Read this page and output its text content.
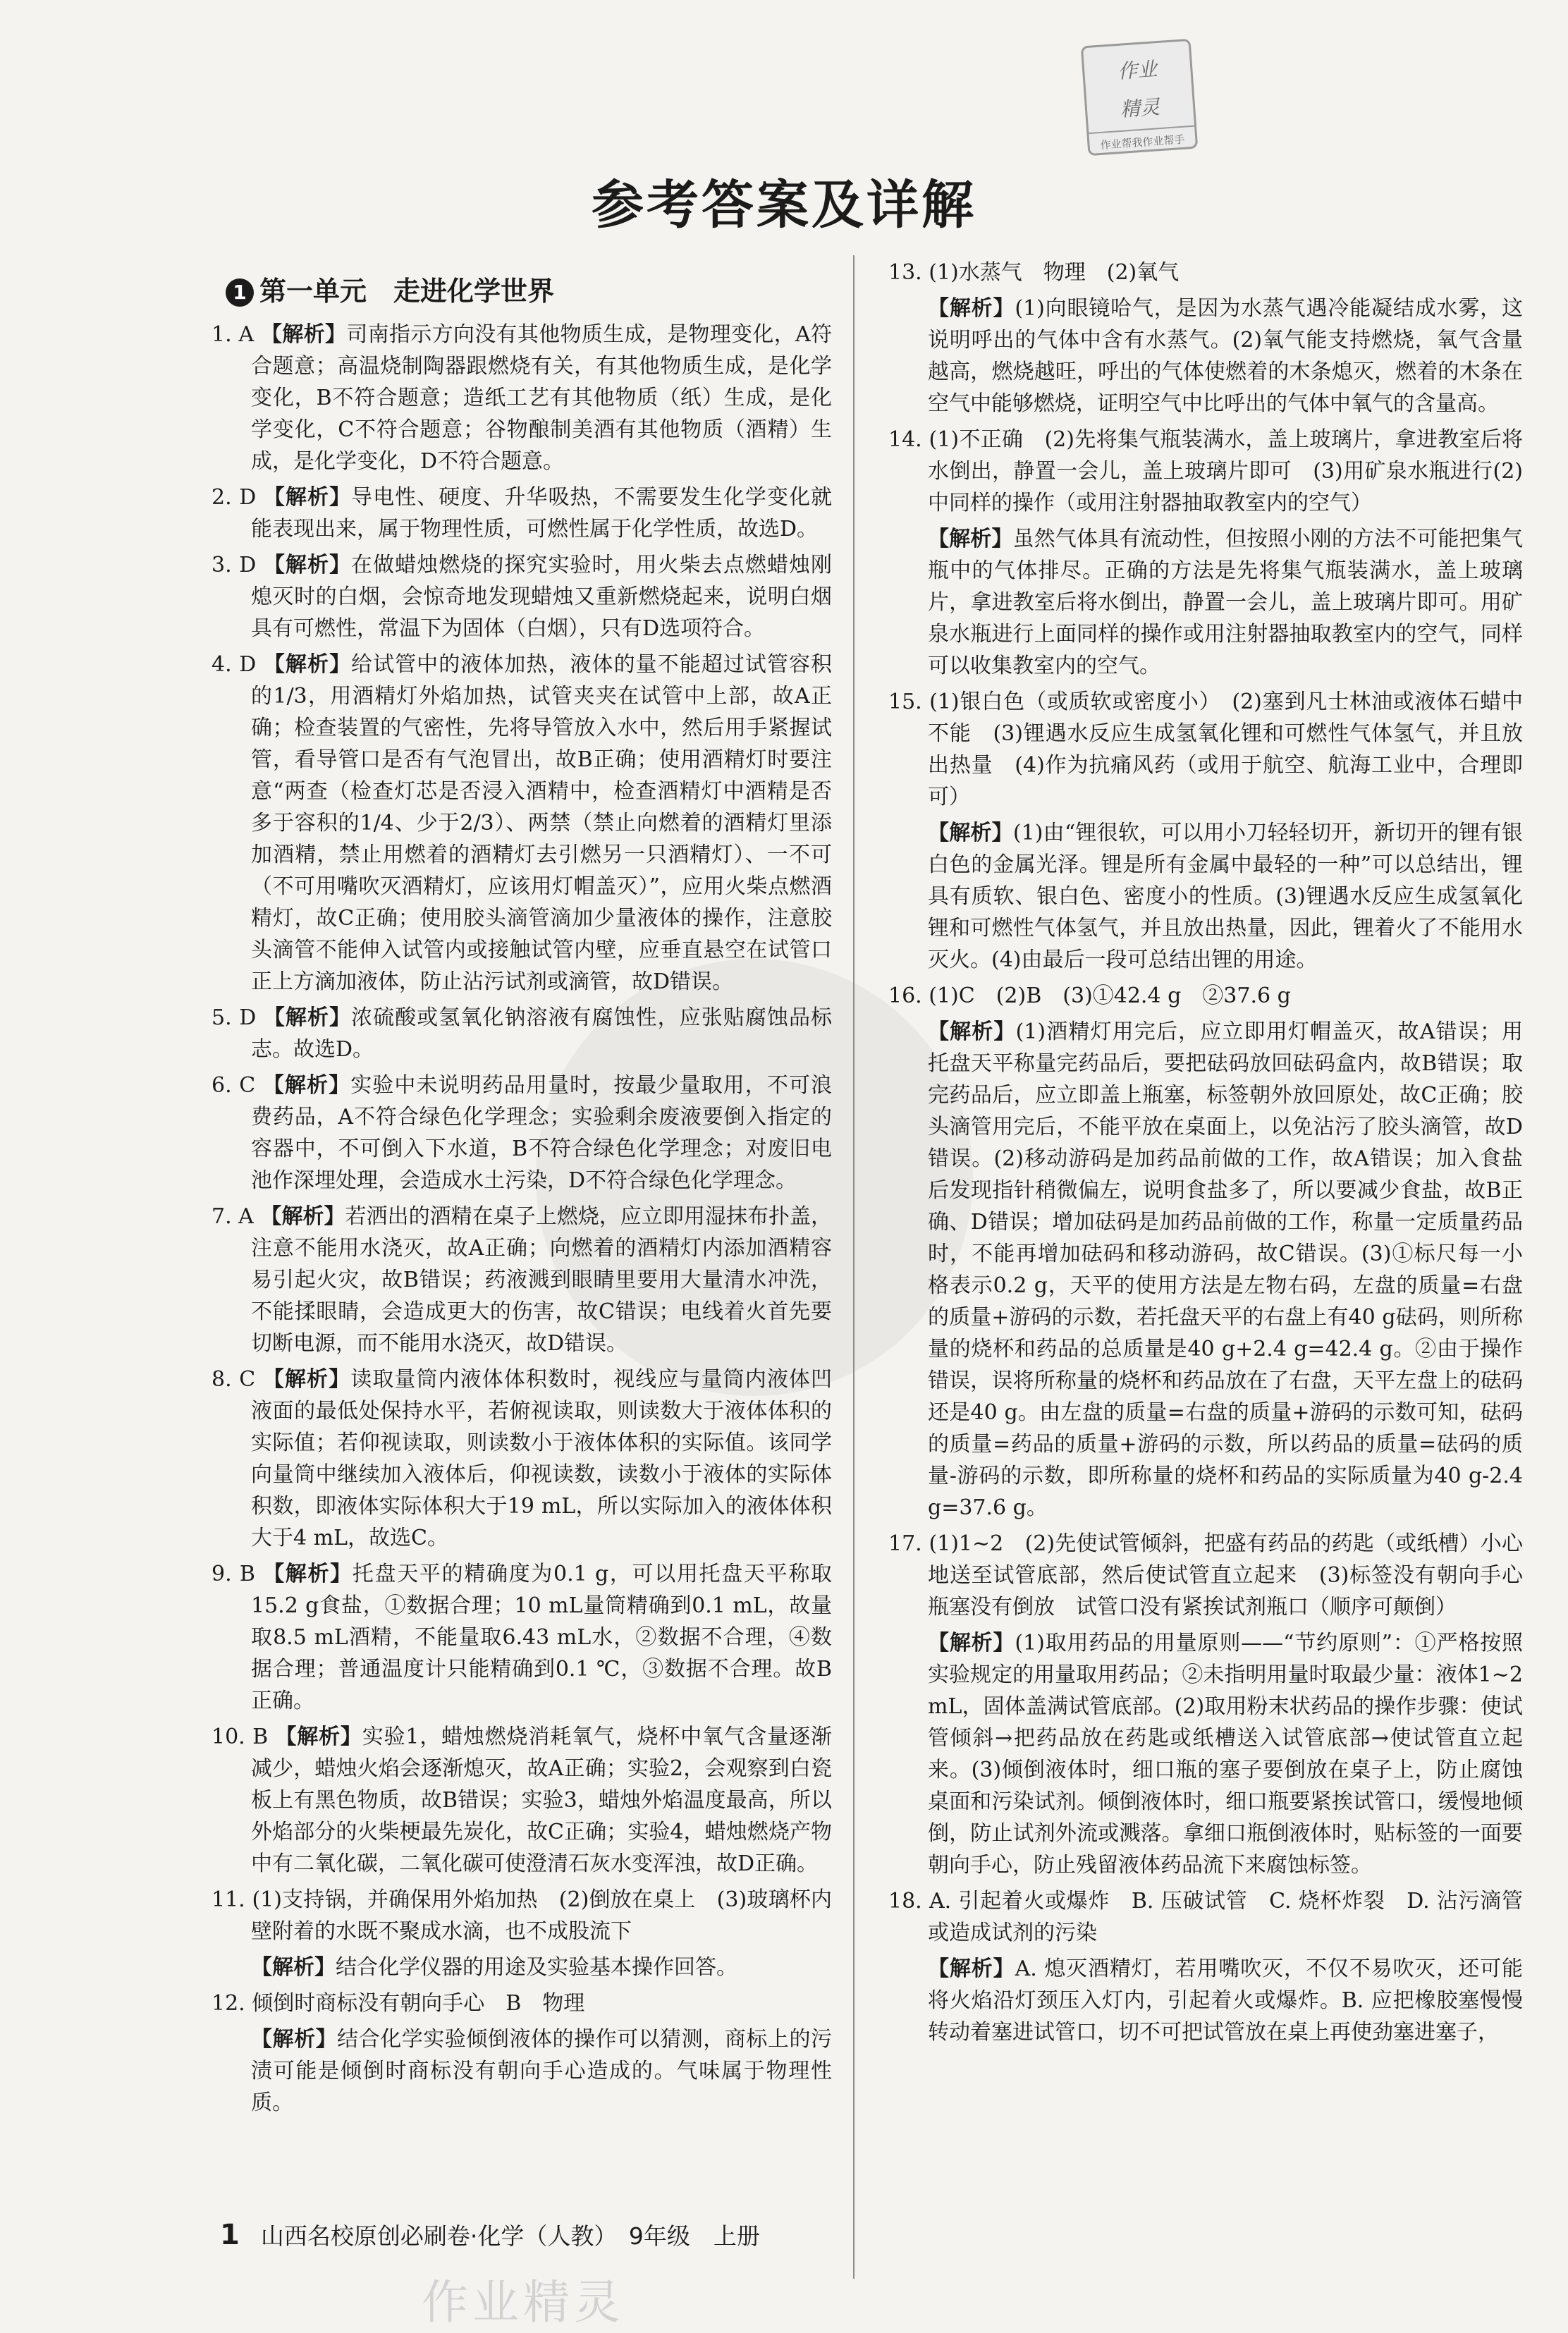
作业
精灵
作业帮我作业帮手
参考答案及详解
1 第一单元　走进化学世界

1. A 【解析】司南指示方向没有其他物质生成，是物理变化，A符合题意；高温烧制陶器跟燃烧有关，有其他物质生成，是化学变化，B不符合题意；造纸工艺有其他物质（纸）生成，是化学变化，C不符合题意；谷物酿制美酒有其他物质（酒精）生成，是化学变化，D不符合题意。

2. D 【解析】导电性、硬度、升华吸热，不需要发生化学变化就能表现出来，属于物理性质，可燃性属于化学性质，故选D。

3. D 【解析】在做蜡烛燃烧的探究实验时，用火柴去点燃蜡烛刚熄灭时的白烟，会惊奇地发现蜡烛又重新燃烧起来，说明白烟具有可燃性，常温下为固体（白烟），只有D选项符合。

4. D 【解析】给试管中的液体加热，液体的量不能超过试管容积的1/3，用酒精灯外焰加热，试管夹夹在试管中上部，故A正确；检查装置的气密性，先将导管放入水中，然后用手紧握试管，看导管口是否有气泡冒出，故B正确；使用酒精灯时要注意“两查（检查灯芯是否浸入酒精中，检查酒精灯中酒精是否多于容积的1/4、少于2/3）、两禁（禁止向燃着的酒精灯里添加酒精，禁止用燃着的酒精灯去引燃另一只酒精灯）、一不可（不可用嘴吹灭酒精灯，应该用灯帽盖灭）”，应用火柴点燃酒精灯，故C正确；使用胶头滴管滴加少量液体的操作，注意胶头滴管不能伸入试管内或接触试管内壁，应垂直悬空在试管口正上方滴加液体，防止沾污试剂或滴管，故D错误。

5. D 【解析】浓硫酸或氢氧化钠溶液有腐蚀性，应张贴腐蚀品标志。故选D。

6. C 【解析】实验中未说明药品用量时，按最少量取用，不可浪费药品，A不符合绿色化学理念；实验剩余废液要倒入指定的容器中，不可倒入下水道，B不符合绿色化学理念；对废旧电池作深埋处理，会造成水土污染，D不符合绿色化学理念。

7. A 【解析】若洒出的酒精在桌子上燃烧，应立即用湿抹布扑盖，注意不能用水浇灭，故A正确；向燃着的酒精灯内添加酒精容易引起火灾，故B错误；药液溅到眼睛里要用大量清水冲洗，不能揉眼睛，会造成更大的伤害，故C错误；电线着火首先要切断电源，而不能用水浇灭，故D错误。

8. C 【解析】读取量筒内液体体积数时，视线应与量筒内液体凹液面的最低处保持水平，若俯视读取，则读数大于液体体积的实际值；若仰视读取，则读数小于液体体积的实际值。该同学向量筒中继续加入液体后，仰视读数，读数小于液体的实际体积数，即液体实际体积大于19 mL，所以实际加入的液体体积大于4 mL，故选C。

9. B 【解析】托盘天平的精确度为0.1 g，可以用托盘天平称取15.2 g食盐，①数据合理；10 mL量筒精确到0.1 mL，故量取8.5 mL酒精，不能量取6.43 mL水，②数据不合理，④数据合理；普通温度计只能精确到0.1 ℃，③数据不合理。故B正确。

10. B 【解析】实验1，蜡烛燃烧消耗氧气，烧杯中氧气含量逐渐减少，蜡烛火焰会逐渐熄灭，故A正确；实验2，会观察到白瓷板上有黑色物质，故B错误；实验3，蜡烛外焰温度最高，所以外焰部分的火柴梗最先炭化，故C正确；实验4，蜡烛燃烧产物中有二氧化碳，二氧化碳可使澄清石灰水变浑浊，故D正确。

11. (1)支持锅，并确保用外焰加热　(2)倒放在桌上　(3)玻璃杯内壁附着的水既不聚成水滴，也不成股流下

【解析】结合化学仪器的用途及实验基本操作回答。

12. 倾倒时商标没有朝向手心　B　物理

【解析】结合化学实验倾倒液体的操作可以猜测，商标上的污渍可能是倾倒时商标没有朝向手心造成的。气味属于物理性质。

13. (1)水蒸气　物理　(2)氧气

【解析】(1)向眼镜哈气，是因为水蒸气遇冷能凝结成水雾，这说明呼出的气体中含有水蒸气。(2)氧气能支持燃烧，氧气含量越高，燃烧越旺，呼出的气体使燃着的木条熄灭，燃着的木条在空气中能够燃烧，证明空气中比呼出的气体中氧气的含量高。

14. (1)不正确　(2)先将集气瓶装满水，盖上玻璃片，拿进教室后将水倒出，静置一会儿，盖上玻璃片即可　(3)用矿泉水瓶进行(2)中同样的操作（或用注射器抽取教室内的空气）

【解析】虽然气体具有流动性，但按照小刚的方法不可能把集气瓶中的气体排尽。正确的方法是先将集气瓶装满水，盖上玻璃片，拿进教室后将水倒出，静置一会儿，盖上玻璃片即可。用矿泉水瓶进行上面同样的操作或用注射器抽取教室内的空气，同样可以收集教室内的空气。

15. (1)银白色（或质软或密度小）　(2)塞到凡士林油或液体石蜡中　不能　(3)锂遇水反应生成氢氧化锂和可燃性气体氢气，并且放出热量　(4)作为抗痛风药（或用于航空、航海工业中，合理即可）

【解析】(1)由“锂很软，可以用小刀轻轻切开，新切开的锂有银白色的金属光泽。锂是所有金属中最轻的一种”可以总结出，锂具有质软、银白色、密度小的性质。(3)锂遇水反应生成氢氧化锂和可燃性气体氢气，并且放出热量，因此，锂着火了不能用水灭火。(4)由最后一段可总结出锂的用途。

16. (1)C　(2)B　(3)①42.4 g　②37.6 g

【解析】(1)酒精灯用完后，应立即用灯帽盖灭，故A错误；用托盘天平称量完药品后，要把砝码放回砝码盒内，故B错误；取完药品后，应立即盖上瓶塞，标签朝外放回原处，故C正确；胶头滴管用完后，不能平放在桌面上，以免沾污了胶头滴管，故D错误。(2)移动游码是加药品前做的工作，故A错误；加入食盐后发现指针稍微偏左，说明食盐多了，所以要减少食盐，故B正确、D错误；增加砝码是加药品前做的工作，称量一定质量药品时，不能再增加砝码和移动游码，故C错误。(3)①标尺每一小格表示0.2 g，天平的使用方法是左物右码，左盘的质量=右盘的质量+游码的示数，若托盘天平的右盘上有40 g砝码，则所称量的烧杯和药品的总质量是40 g+2.4 g=42.4 g。②由于操作错误，误将所称量的烧杯和药品放在了右盘，天平左盘上的砝码还是40 g。由左盘的质量=右盘的质量+游码的示数可知，砝码的质量=药品的质量+游码的示数，所以药品的质量=砝码的质量-游码的示数，即所称量的烧杯和药品的实际质量为40 g-2.4 g=37.6 g。

17. (1)1~2　(2)先使试管倾斜，把盛有药品的药匙（或纸槽）小心地送至试管底部，然后使试管直立起来　(3)标签没有朝向手心　瓶塞没有倒放　试管口没有紧挨试剂瓶口（顺序可颠倒）

【解析】(1)取用药品的用量原则——“节约原则”：①严格按照实验规定的用量取用药品；②未指明用量时取最少量：液体1~2 mL，固体盖满试管底部。(2)取用粉末状药品的操作步骤：使试管倾斜→把药品放在药匙或纸槽送入试管底部→使试管直立起来。(3)倾倒液体时，细口瓶的塞子要倒放在桌子上，防止腐蚀桌面和污染试剂。倾倒液体时，细口瓶要紧挨试管口，缓慢地倾倒，防止试剂外流或溅落。拿细口瓶倒液体时，贴标签的一面要朝向手心，防止残留液体药品流下来腐蚀标签。

18. A. 引起着火或爆炸　B. 压破试管　C. 烧杯炸裂　D. 沾污滴管或造成试剂的污染

【解析】A. 熄灭酒精灯，若用嘴吹灭，不仅不易吹灭，还可能将火焰沿灯颈压入灯内，引起着火或爆炸。B. 应把橡胶塞慢慢转动着塞进试管口，切不可把试管放在桌上再使劲塞进塞子，

1 山西名校原创必刷卷·化学（人教）　9年级　上册
作业精灵
